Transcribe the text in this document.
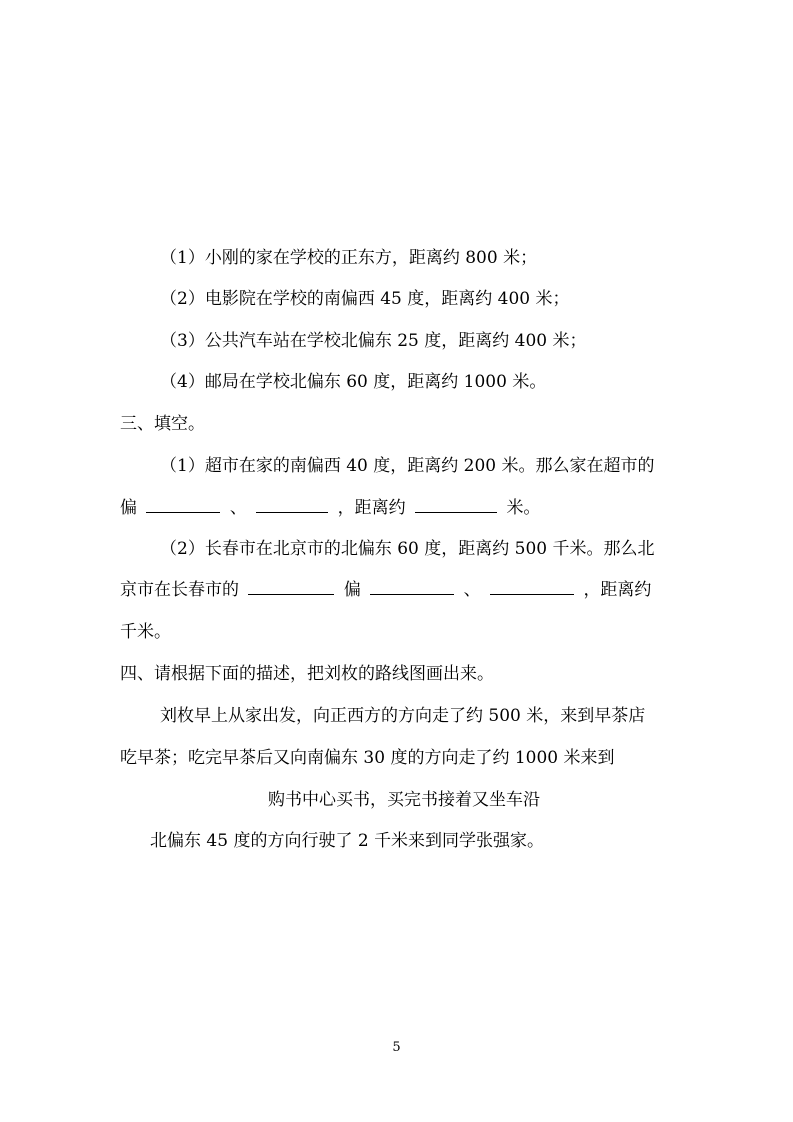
（1）小刚的家在学校的正东方，距离约 800 米；
（2）电影院在学校的南偏西 45 度，距离约 400 米；
（3）公共汽车站在学校北偏东 25 度，距离约 400 米；
（4）邮局在学校北偏东 60 度，距离约 1000 米。
三、填空。
（1）超市在家的南偏西 40 度，距离约 200 米。那么家在超市的
偏	、	，距离约	米。
（2）长春市在北京市的北偏东 60 度，距离约 500 千米。那么北
京市在长春市的	偏	、	，距离约
千米。
四、请根据下面的描述，把刘枚的路线图画出来。
刘枚早上从家出发，向正西方的方向走了约 500 米，来到早茶店
吃早茶；吃完早茶后又向南偏东 30 度的方向走了约 1000 米来到
购书中心买书，买完书接着又坐车沿
北偏东 45 度的方向行驶了 2 千米来到同学张强家。
5
